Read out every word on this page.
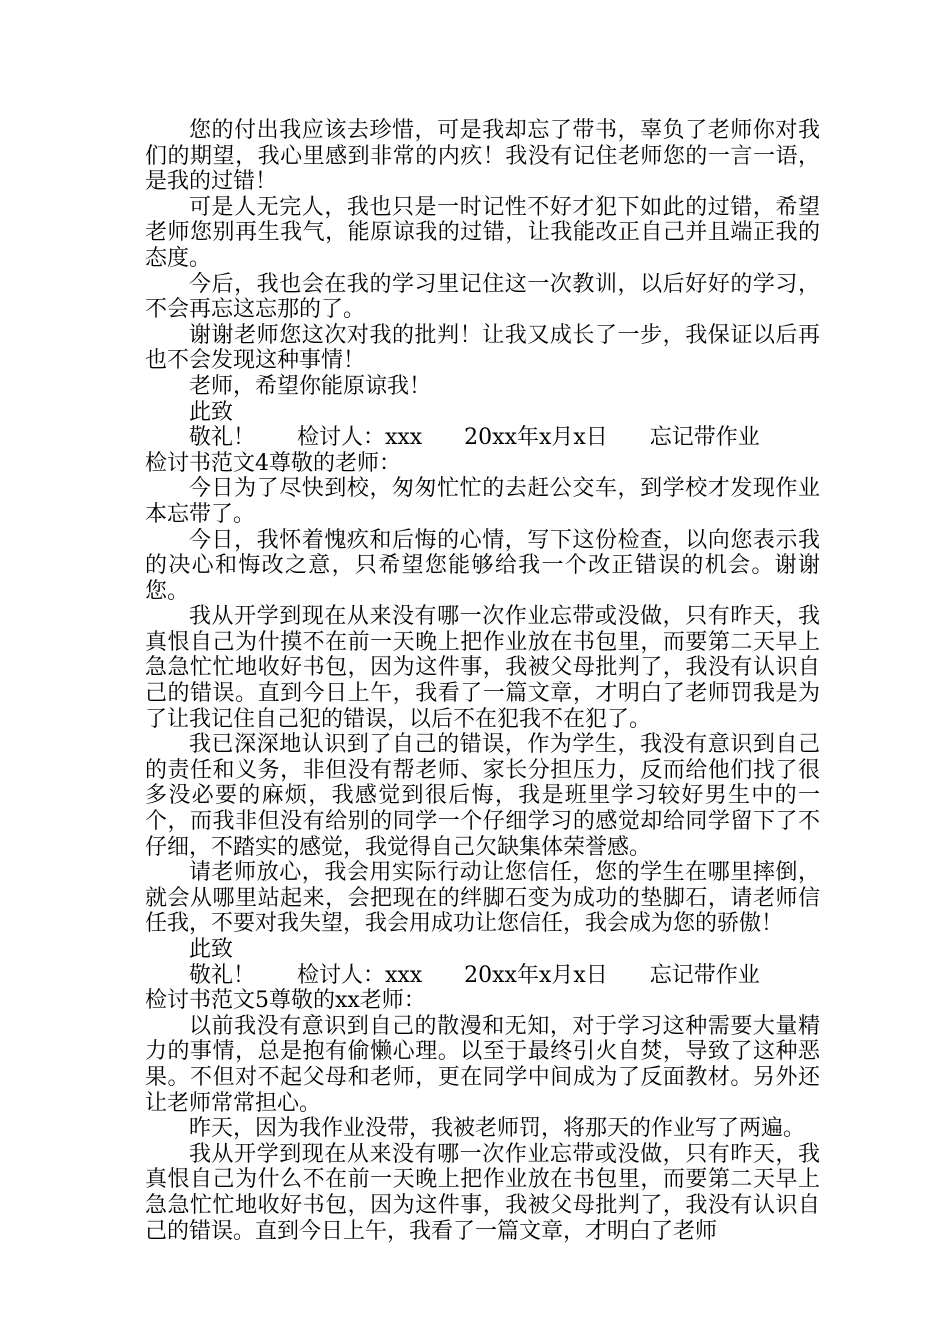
您的付出我应该去珍惜，可是我却忘了带书，辜负了老师你对我们的期望，我心里感到非常的内疚！我没有记住老师您的一言一语，是我的过错！

可是人无完人，我也只是一时记性不好才犯下如此的过错，希望老师您别再生我气，能原谅我的过错，让我能改正自己并且端正我的态度。

今后，我也会在我的学习里记住这一次教训，以后好好的学习，不会再忘这忘那的了。

谢谢老师您这次对我的批判！让我又成长了一步，我保证以后再也不会发现这种事情！

老师，希望你能原谅我！

此致

敬礼！      检讨人：xxx      20xx年x月x日      忘记带作业

检讨书范文4尊敬的老师：

今日为了尽快到校，匆匆忙忙的去赶公交车，到学校才发现作业本忘带了。

今日，我怀着愧疚和后悔的心情，写下这份检查，以向您表示我的决心和悔改之意，只希望您能够给我一个改正错误的机会。谢谢您。

我从开学到现在从来没有哪一次作业忘带或没做，只有昨天，我真恨自己为什摸不在前一天晚上把作业放在书包里，而要第二天早上急急忙忙地收好书包，因为这件事，我被父母批判了，我没有认识自己的错误。直到今日上午，我看了一篇文章，才明白了老师罚我是为了让我记住自己犯的错误，以后不在犯我不在犯了。

我已深深地认识到了自己的错误，作为学生，我没有意识到自己的责任和义务，非但没有帮老师、家长分担压力，反而给他们找了很多没必要的麻烦，我感觉到很后悔，我是班里学习较好男生中的一个，而我非但没有给别的同学一个仔细学习的感觉却给同学留下了不仔细，不踏实的感觉，我觉得自己欠缺集体荣誉感。

请老师放心，我会用实际行动让您信任，您的学生在哪里摔倒，就会从哪里站起来，会把现在的绊脚石变为成功的垫脚石，请老师信任我，不要对我失望，我会用成功让您信任，我会成为您的骄傲！

此致

敬礼！      检讨人：xxx      20xx年x月x日      忘记带作业

检讨书范文5尊敬的xx老师：

以前我没有意识到自己的散漫和无知，对于学习这种需要大量精力的事情，总是抱有偷懒心理。以至于最终引火自焚，导致了这种恶果。不但对不起父母和老师，更在同学中间成为了反面教材。另外还让老师常常担心。

昨天，因为我作业没带，我被老师罚，将那天的作业写了两遍。

我从开学到现在从来没有哪一次作业忘带或没做，只有昨天，我真恨自己为什么不在前一天晚上把作业放在书包里，而要第二天早上急急忙忙地收好书包，因为这件事，我被父母批判了，我没有认识自己的错误。直到今日上午，我看了一篇文章，才明白了老师
